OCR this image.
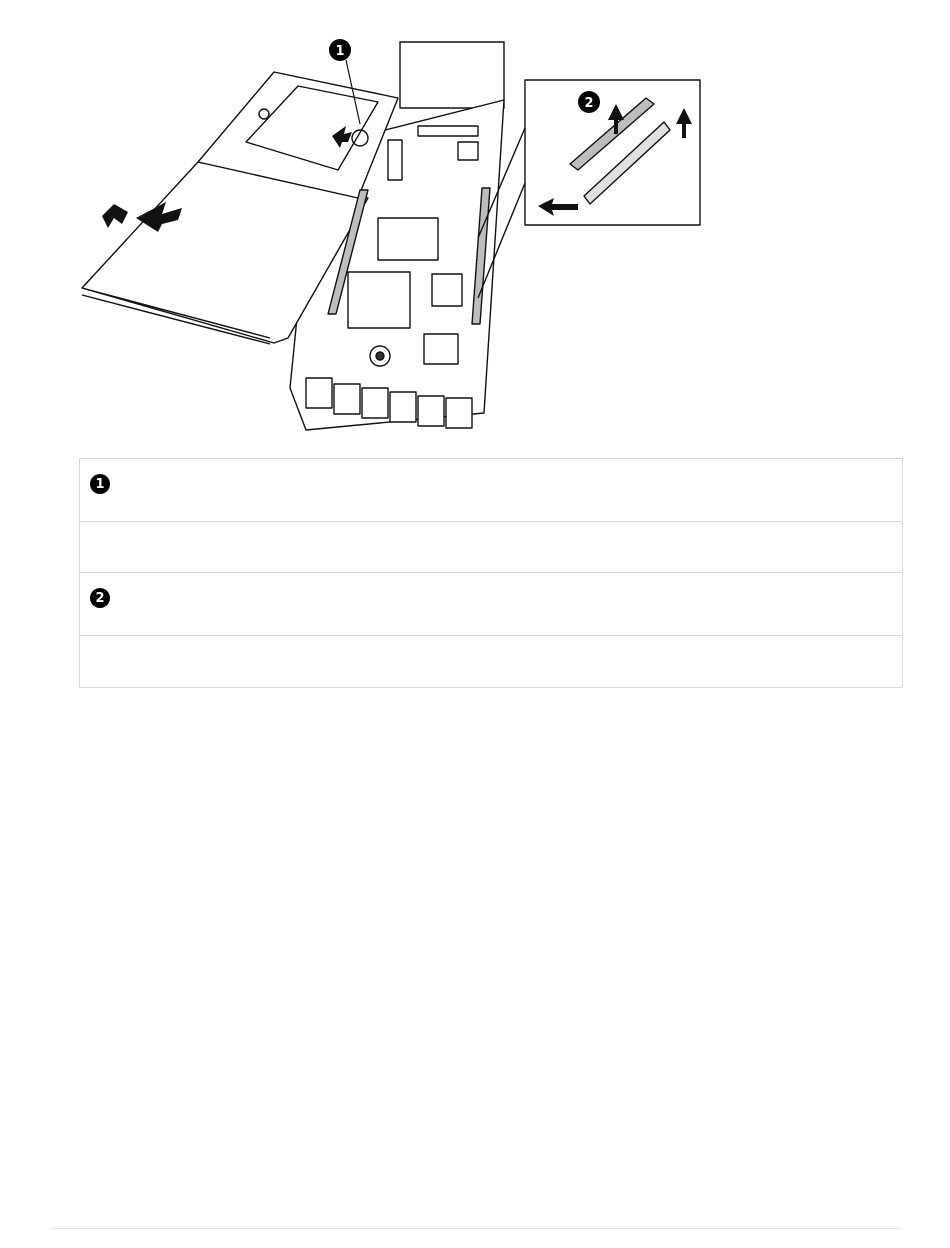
1
2
1
2
